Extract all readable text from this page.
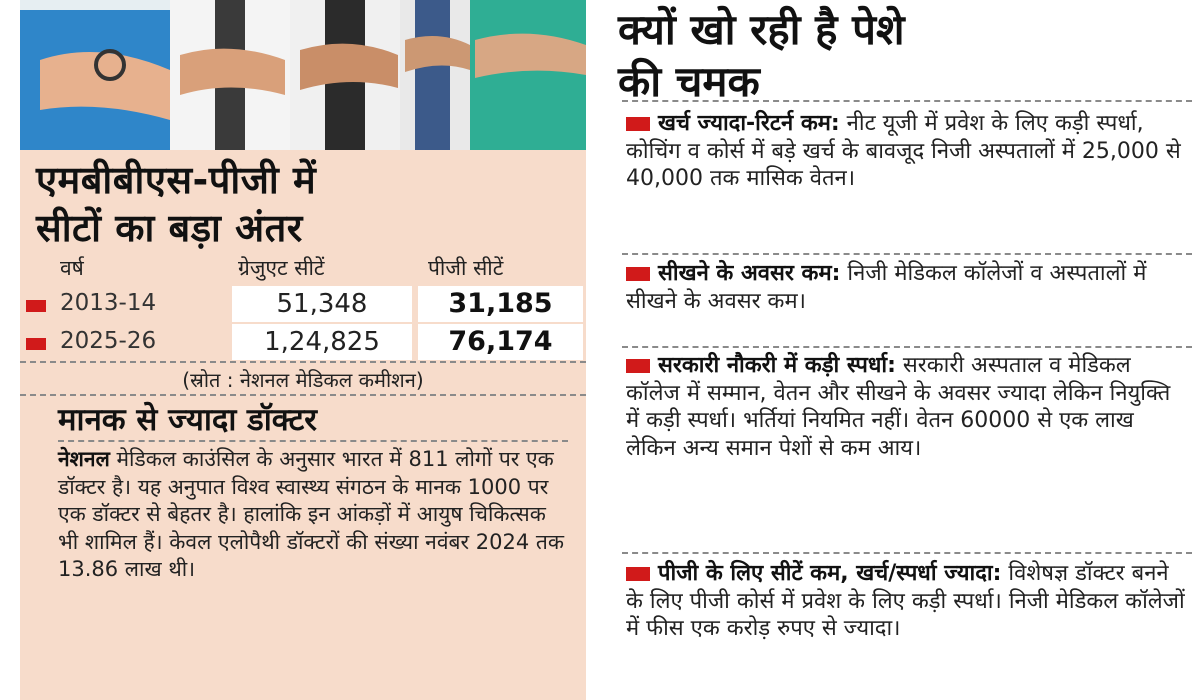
एमबीबीएस-पीजी में
सीटों का बड़ा अंतर
वर्ष	ग्रेजुएट सीटें	पीजी सीटें
2013-14	51,348	31,185
2025-26	1,24,825	76,174
(स्रोत : नेशनल मेडिकल कमीशन)
मानक से ज्यादा डॉक्टर
नेशनल मेडिकल काउंसिल के अनुसार भारत में 811 लोगों पर एक डॉक्टर है। यह अनुपात विश्व स्वास्थ्य संगठन के मानक 1000 पर एक डॉक्टर से बेहतर है। हालांकि इन आंकड़ों में आयुष चिकित्सक भी शामिल हैं। केवल एलोपैथी डॉक्टरों की संख्या नवंबर 2024 तक 13.86 लाख थी।
क्यों खो रही है पेशे
की चमक
खर्च ज्यादा-रिटर्न कम: नीट यूजी में प्रवेश के लिए कड़ी स्पर्धा, कोचिंग व कोर्स में बड़े खर्च के बावजूद निजी अस्पतालों में 25,000 से 40,000 तक मासिक वेतन।
सीखने के अवसर कम: निजी मेडिकल कॉलेजों व अस्पतालों में सीखने के अवसर कम।
सरकारी नौकरी में कड़ी स्पर्धा: सरकारी अस्पताल व मेडिकल कॉलेज में सम्मान, वेतन और सीखने के अवसर ज्यादा लेकिन नियुक्ति में कड़ी स्पर्धा। भर्तियां नियमित नहीं। वेतन 60000 से एक लाख लेकिन अन्य समान पेशों से कम आय।
पीजी के लिए सीटें कम, खर्च/स्पर्धा ज्यादा: विशेषज्ञ डॉक्टर बनने के लिए पीजी कोर्स में प्रवेश के लिए कड़ी स्पर्धा। निजी मेडिकल कॉलेजों में फीस एक करोड़ रुपए से ज्यादा।
